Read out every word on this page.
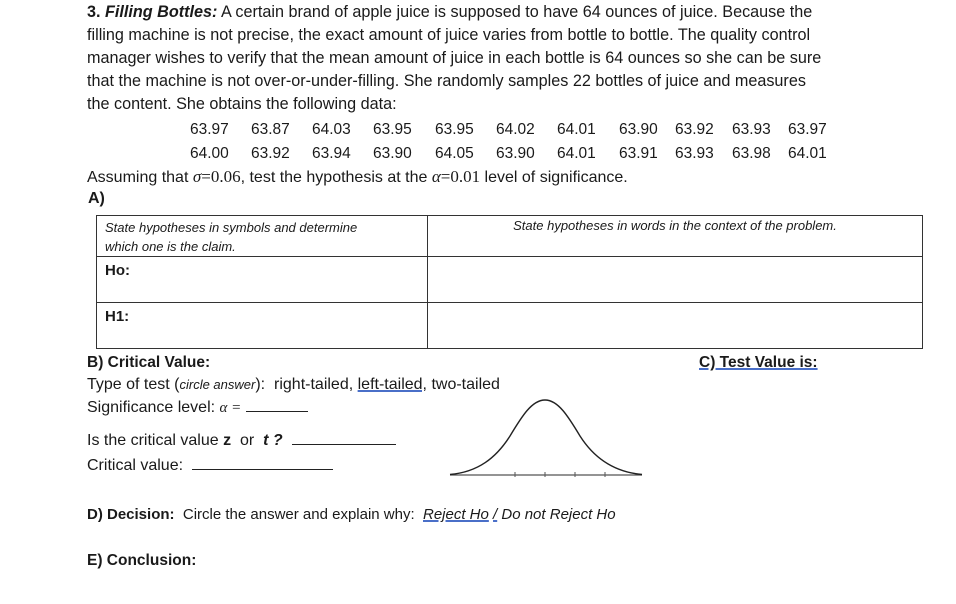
3. Filling Bottles: A certain brand of apple juice is supposed to have 64 ounces of juice. Because the
filling machine is not precise, the exact amount of juice varies from bottle to bottle. The quality control
manager wishes to verify that the mean amount of juice in each bottle is 64 ounces so she can be sure
that the machine is not over-or-under-filling. She randomly samples 22 bottles of juice and measures
the content. She obtains the following data:
63.97 63.87 64.03 63.95 63.95 64.02 64.01 63.90 63.92 63.93 63.97
64.00 63.92 63.94 63.90 64.05 63.90 64.01 63.91 63.93 63.98 64.01
Assuming that σ=0.06, test the hypothesis at the α=0.01 level of significance.
A)
State hypotheses in symbols and determine
which one is the claim.	State hypotheses in words in the context of the problem.
Ho:	
H1:	
B) Critical Value:
Type of test (circle answer): right-tailed, left-tailed, two-tailed
Significance level: α =
Is the critical value z or t ?
Critical value:
C) Test Value is:
D) Decision: Circle the answer and explain why: Reject Ho / Do not Reject Ho
E) Conclusion:
